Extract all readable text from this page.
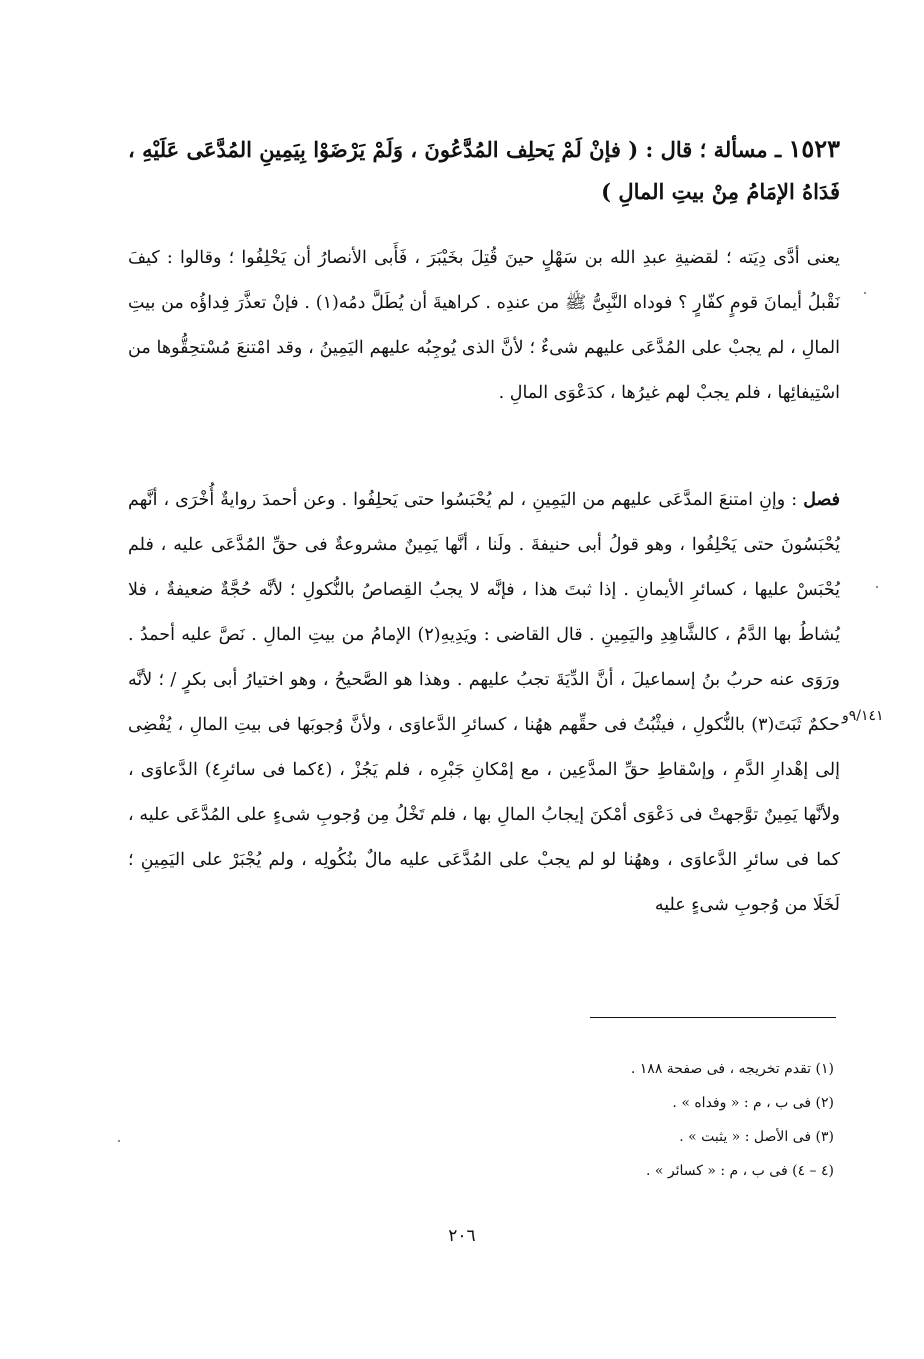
١٥٢٣ ـ مسألة ؛ قال : ( فإنْ لَمْ يَحلِف المُدَّعُونَ ، وَلَمْ يَرْضَوْا بِيَمِينِ المُدَّعَى عَلَيْهِ ، فَدَاهُ الإمَامُ مِنْ بيتِ المالِ )
يعنى أدَّى دِيَته ؛ لقضيةِ عبدِ الله بن سَهْلٍ حينَ قُتِلَ بخَيْبَرَ ، فَأَبى الأنصارُ أن يَحْلِفُوا ؛ وقالوا : كيفَ نَقْبلُ أيمانَ قومٍ كفّارٍ ؟ فوداه النَّبِىُّ ﷺ من عندِه . كراهيةَ أن يُطَلَّ دمُه(١) . فإنْ تعذَّرَ فِداؤُه من بيتِ المالِ ، لم يجبْ على المُدَّعَى عليهم شىءٌ ؛ لأنَّ الذى يُوجِبُه عليهم اليَمِينُ ، وقد امْتنعَ مُسْتحِقُّوها من اسْتِيفائِها ، فلم يجبْ لهم غيرُها ، كدَعْوَى المالِ .
فصل : وإنِ امتنعَ المدَّعَى عليهم من اليَمِينِ ، لم يُحْبَسُوا حتى يَحلِفُوا . وعن أحمدَ روايةٌ أُخْرَى ، أنَّهم يُحْبَسُونَ حتى يَحْلِفُوا ، وهو قولُ أبى حنيفةَ . ولَنا ، أنَّها يَمِينٌ مشروعةٌ فى حقِّ المُدَّعَى عليه ، فلم يُحْبَسْ عليها ، كسائرِ الأيمانِ . إذا ثبتَ هذا ، فإنَّه لا يجبُ القِصاصُ بالنُّكولِ ؛ لأنَّه حُجَّةٌ ضعيفةٌ ، فلا يُشاطُ بها الدَّمُ ، كالشَّاهِدِ واليَمِينِ . قال القاضى : ويَدِيهِ(٢) الإمامُ من بيتِ المالِ . نَصَّ عليه أحمدُ . ورَوَى عنه حربُ بنُ إسماعيلَ ، أنَّ الدِّيَةَ تجبُ عليهم . وهذا هو الصَّحيحُ ، وهو اختيارُ أبى بكرٍ / ؛ لأنَّه حكمٌ ثَبَتَ(٣) بالنُّكولِ ، فيثْبُتُ فى حقِّهم ههُنا ، كسائرِ الدَّعاوَى ، ولأنَّ وُجوبَها فى بيتِ المالِ ، يُفْضِى إلى إهْدارِ الدَّمِ ، وإسْقاطِ حقِّ المدَّعِين ، مع إمْكانِ جَبْرِه ، فلم يَجُزْ ، (٤كما فى سائرِ٤) الدَّعاوَى ، ولأنَّها يَمِينٌ توَّجهتْ فى دَعْوَى أمْكنَ إيجابُ المالِ بها ، فلم تَخْلُ مِن وُجوبِ شىءٍ على المُدَّعَى عليه ، كما فى سائرِ الدَّعاوَى ، وههُنا لو لم يجبْ على المُدَّعَى عليه مالٌ بنُكُولِه ، ولم يُجْبَرْ على اليَمِينِ ؛ لَخَلَا من وُجوبِ شىءٍ عليه
٩/١٤١و
(١) تقدم تخريجه ، فى صفحة ١٨٨ .
(٢) فى ب ، م : « وفداه » .
(٣) فى الأصل : « يثبت » .
(٤ – ٤) فى ب ، م : « كسائر » .
٢٠٦
